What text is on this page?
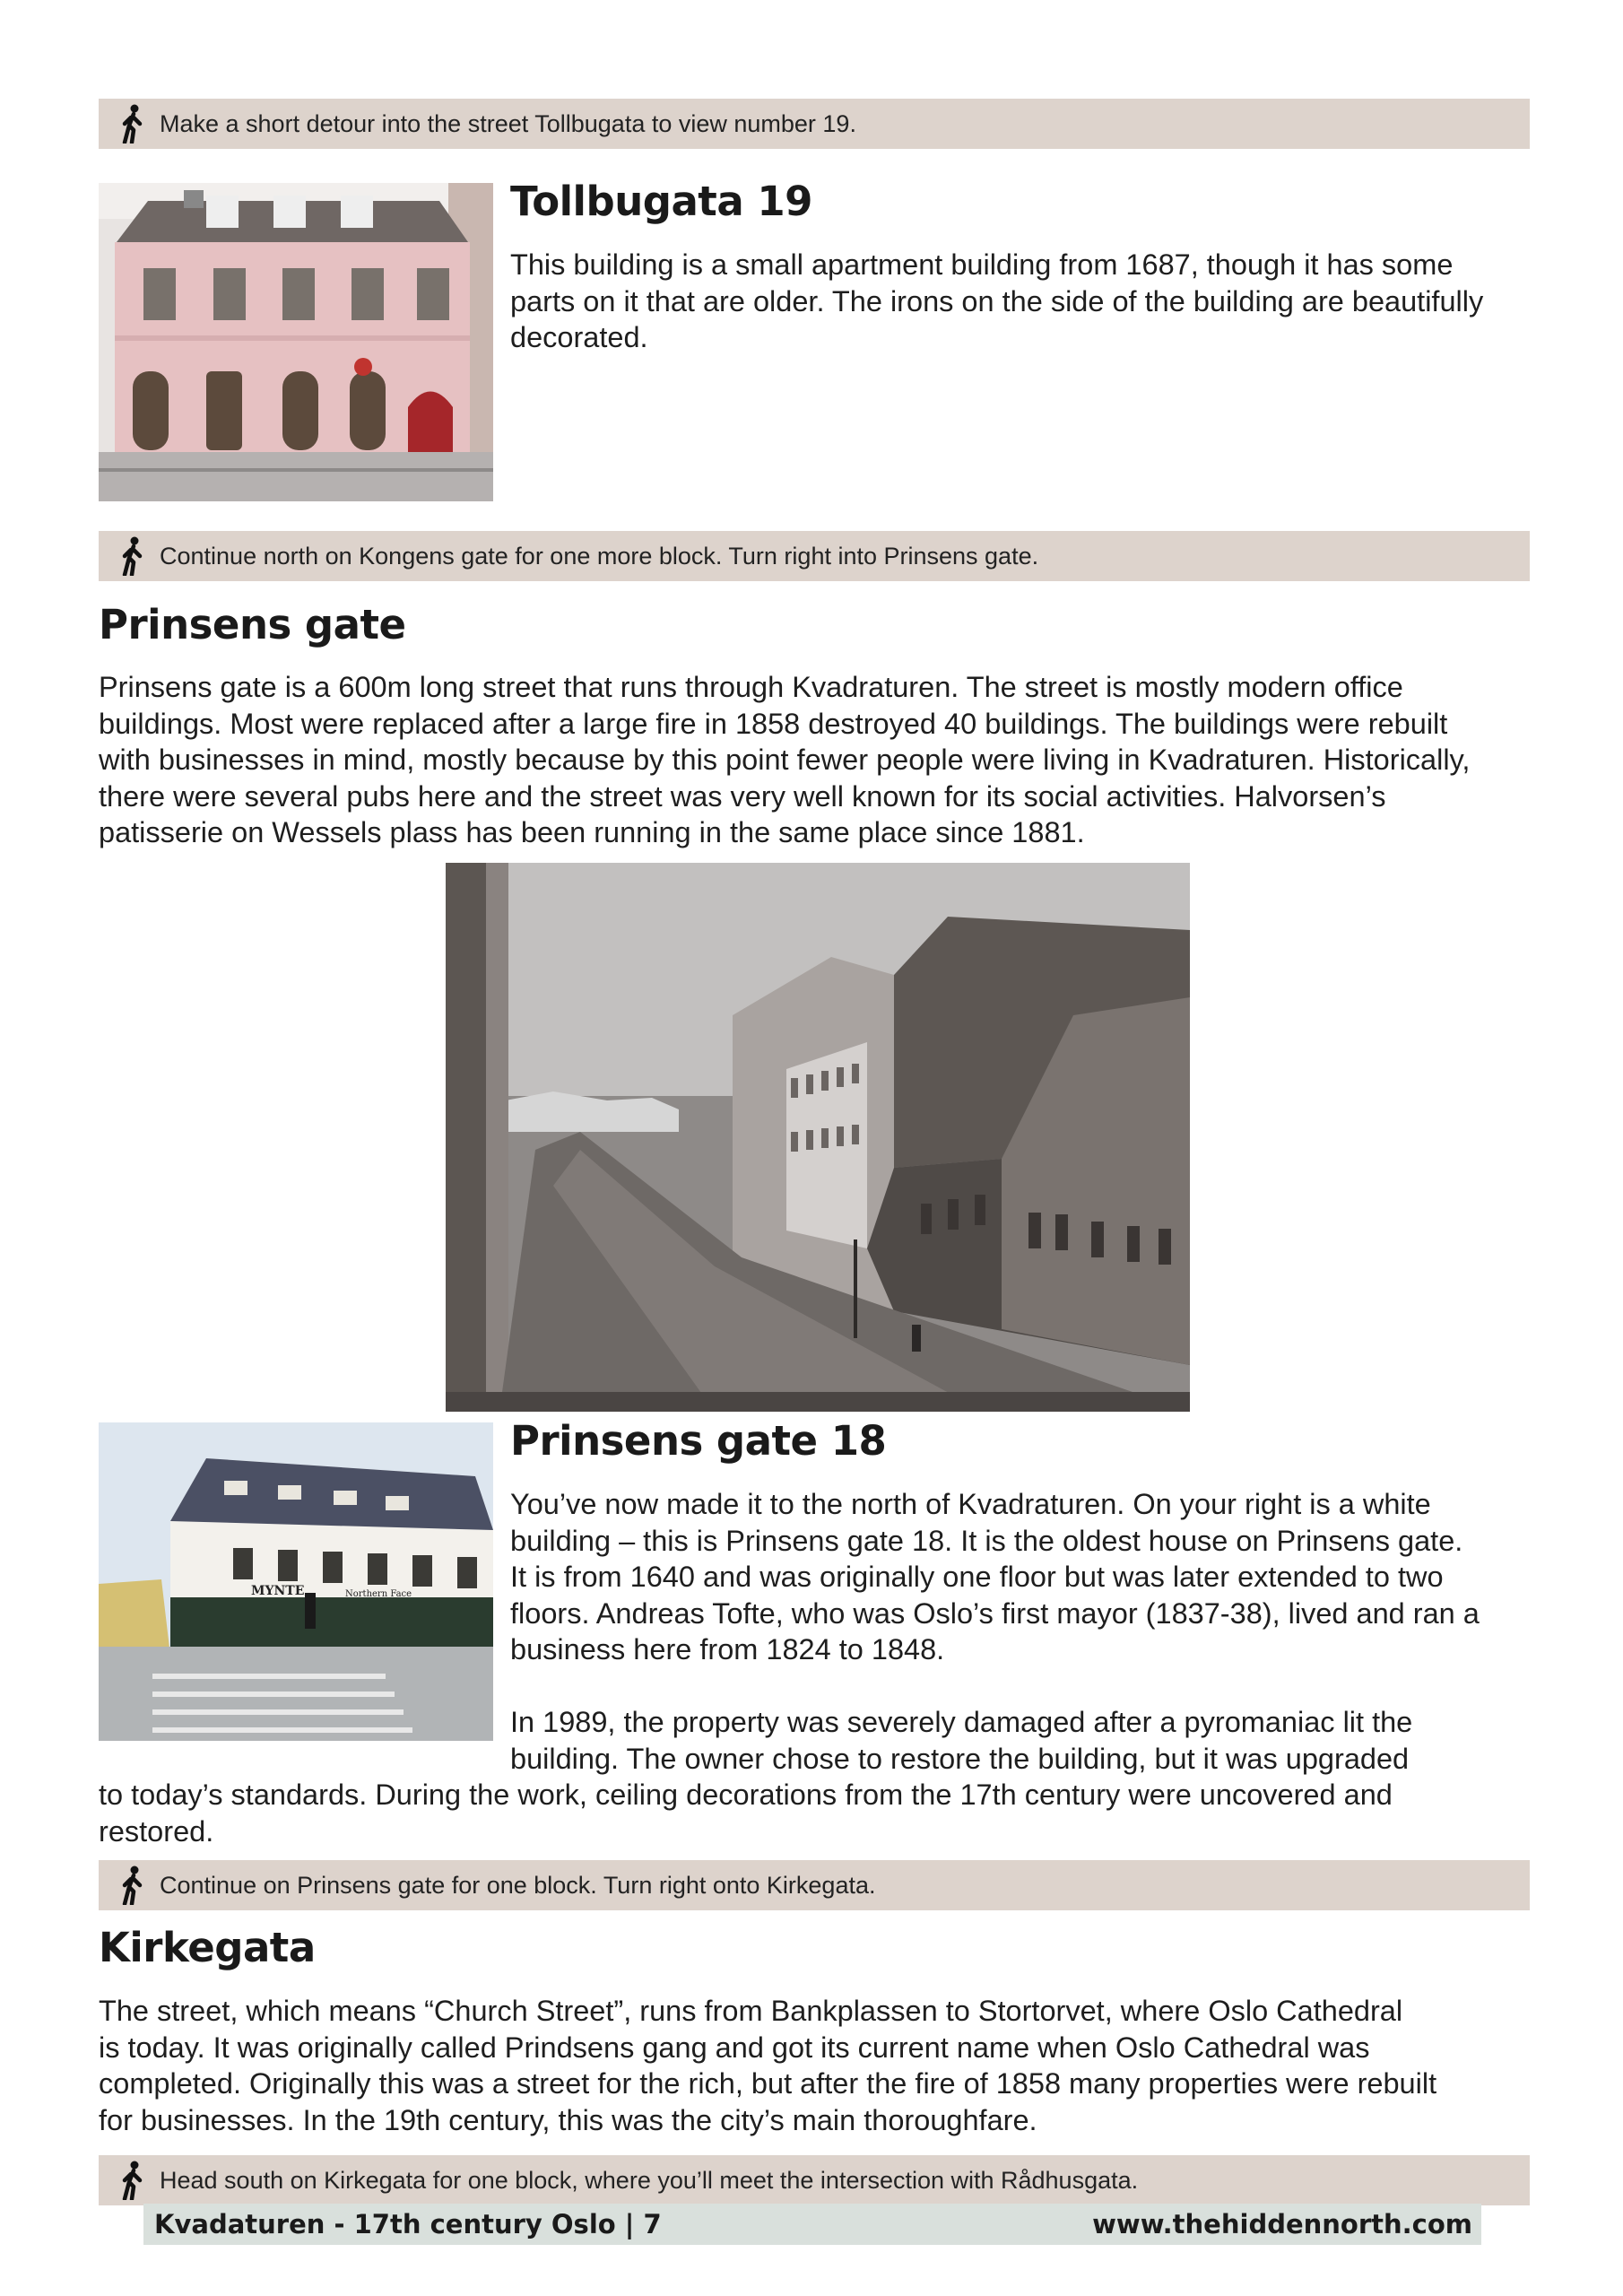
Make a short detour into the street Tollbugata to view number 19.
Tollbugata 19
This building is a small apartment building from 1687, though it has some
parts on it that are older. The irons on the side of the building are beautifully
decorated.
Continue north on Kongens gate for one more block. Turn right into Prinsens gate.
Prinsens gate
Prinsens gate is a 600m long street that runs through Kvadraturen. The street is mostly modern office
buildings. Most were replaced after a large fire in 1858 destroyed 40 buildings. The buildings were rebuilt
with businesses in mind, mostly because by this point fewer people were living in Kvadraturen. Historically,
there were several pubs here and the street was very well known for its social activities. Halvorsen’s
patisserie on Wessels plass has been running in the same place since 1881.
MYNTE	Northern Face
Prinsens gate 18
You’ve now made it to the north of Kvadraturen. On your right is a white
building – this is Prinsens gate 18. It is the oldest house on Prinsens gate.
It is from 1640 and was originally one floor but was later extended to two
floors. Andreas Tofte, who was Oslo’s first mayor (1837-38), lived and ran a
business here from 1824 to 1848.
In 1989, the property was severely damaged after a pyromaniac lit the
building. The owner chose to restore the building, but it was upgraded
to today’s standards. During the work, ceiling decorations from the 17th century were uncovered and
restored.
Continue on Prinsens gate for one block. Turn right onto Kirkegata.
Kirkegata
The street, which means “Church Street”, runs from Bankplassen to Stortorvet, where Oslo Cathedral
is today. It was originally called Prindsens gang and got its current name when Oslo Cathedral was
completed. Originally this was a street for the rich, but after the fire of 1858 many properties were rebuilt
for businesses. In the 19th century, this was the city’s main thoroughfare.
Head south on Kirkegata for one block, where you’ll meet the intersection with Rådhusgata.
Kvadaturen - 17th century Oslo | 7	www.thehiddennorth.com
